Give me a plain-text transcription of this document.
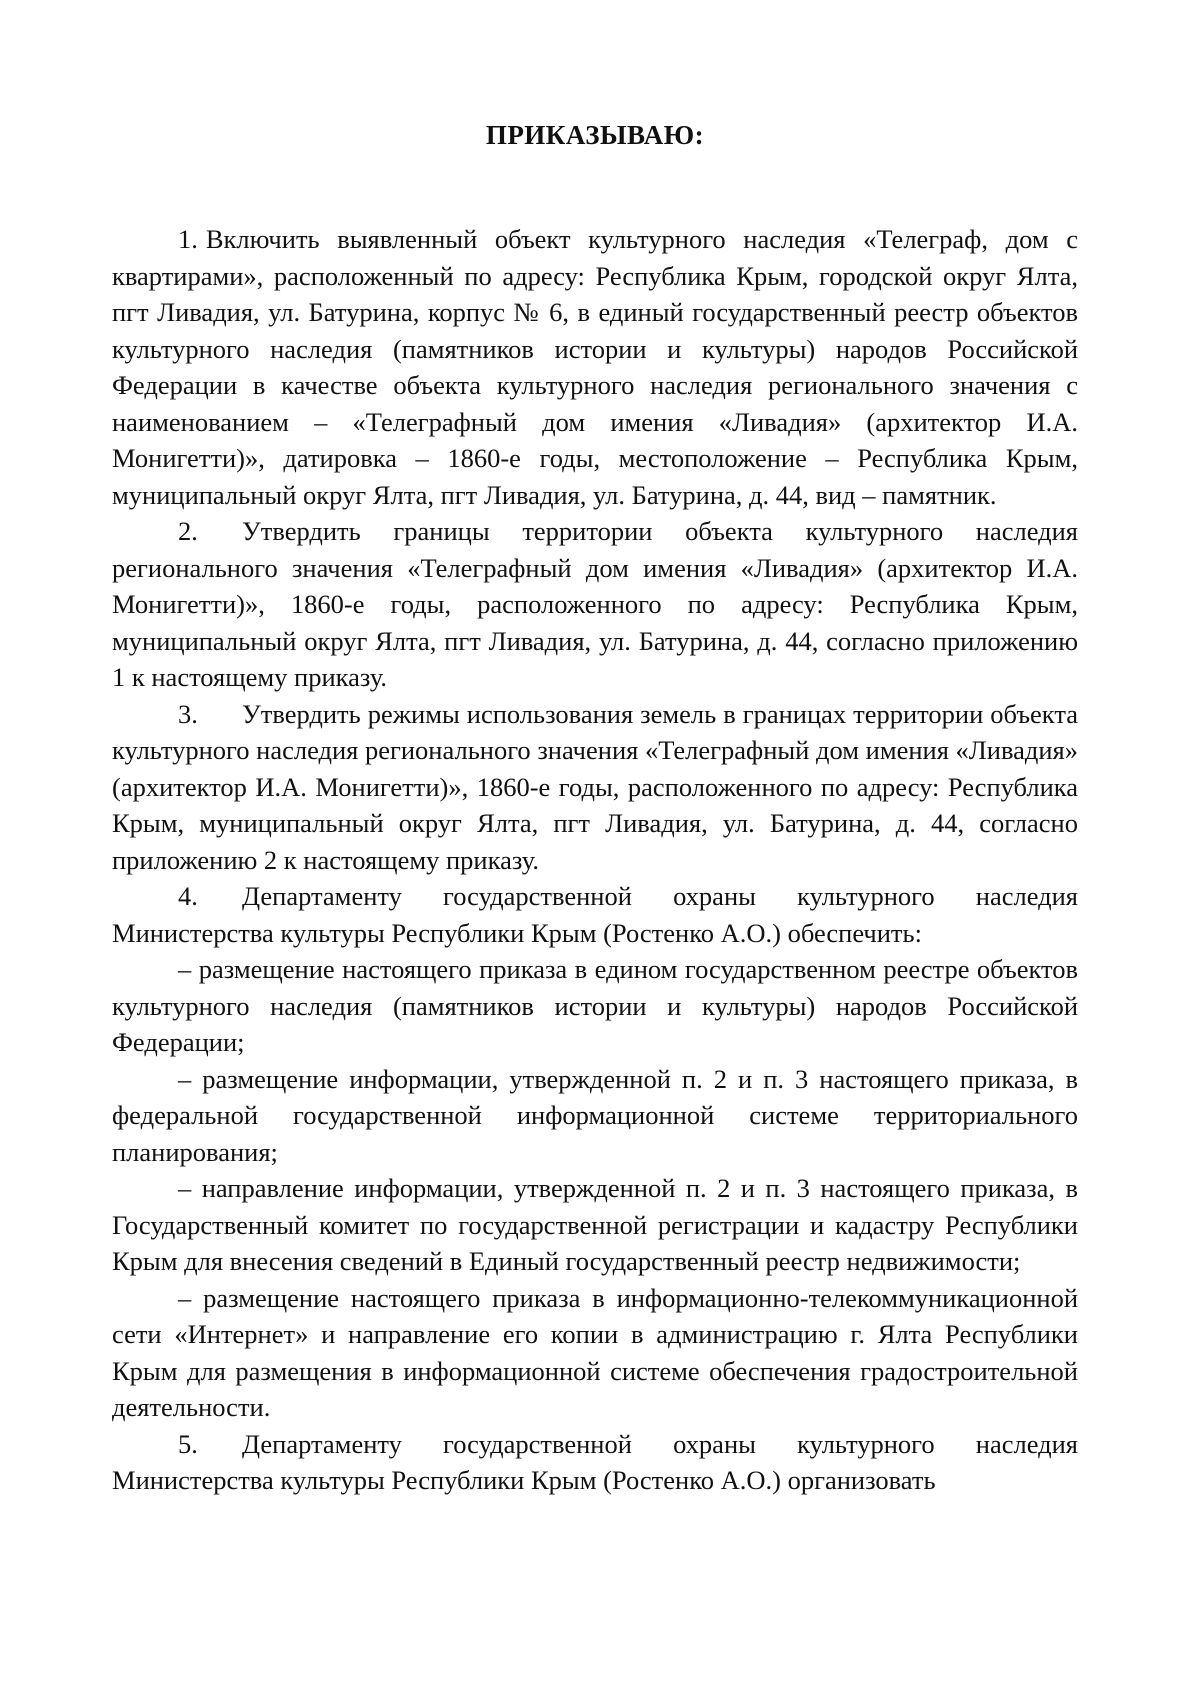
ПРИКАЗЫВАЮ:

1. Включить выявленный объект культурного наследия «Телеграф, дом с квартирами», расположенный по адресу: Республика Крым, городской округ Ялта, пгт Ливадия, ул. Батурина, корпус № 6, в единый государственный реестр объектов культурного наследия (памятников истории и культуры) народов Российской Федерации в качестве объекта культурного наследия регионального значения с наименованием – «Телеграфный дом имения «Ливадия» (архитектор И.А. Монигетти)», датировка – 1860-е годы, местоположение – Республика Крым, муниципальный округ Ялта, пгт Ливадия, ул. Батурина, д. 44, вид – памятник.

2. Утвердить границы территории объекта культурного наследия регионального значения «Телеграфный дом имения «Ливадия» (архитектор И.А. Монигетти)», 1860-е годы, расположенного по адресу: Республика Крым, муниципальный округ Ялта, пгт Ливадия, ул. Батурина, д. 44, согласно приложению 1 к настоящему приказу.

3. Утвердить режимы использования земель в границах территории объекта культурного наследия регионального значения «Телеграфный дом имения «Ливадия» (архитектор И.А. Монигетти)», 1860-е годы, расположенного по адресу: Республика Крым, муниципальный округ Ялта, пгт Ливадия, ул. Батурина, д. 44, согласно приложению 2 к настоящему приказу.

4. Департаменту государственной охраны культурного наследия Министерства культуры Республики Крым (Ростенко А.О.) обеспечить:

– размещение настоящего приказа в едином государственном реестре объектов культурного наследия (памятников истории и культуры) народов Российской Федерации;

– размещение информации, утвержденной п. 2 и п. 3 настоящего приказа, в федеральной государственной информационной системе территориального планирования;

– направление информации, утвержденной п. 2 и п. 3 настоящего приказа, в Государственный комитет по государственной регистрации и кадастру Республики Крым для внесения сведений в Единый государственный реестр недвижимости;

– размещение настоящего приказа в информационно-телекоммуникационной сети «Интернет» и направление его копии в администрацию г. Ялта Республики Крым для размещения в информационной системе обеспечения градостроительной деятельности.

5. Департаменту государственной охраны культурного наследия Министерства культуры Республики Крым (Ростенко А.О.) организовать
